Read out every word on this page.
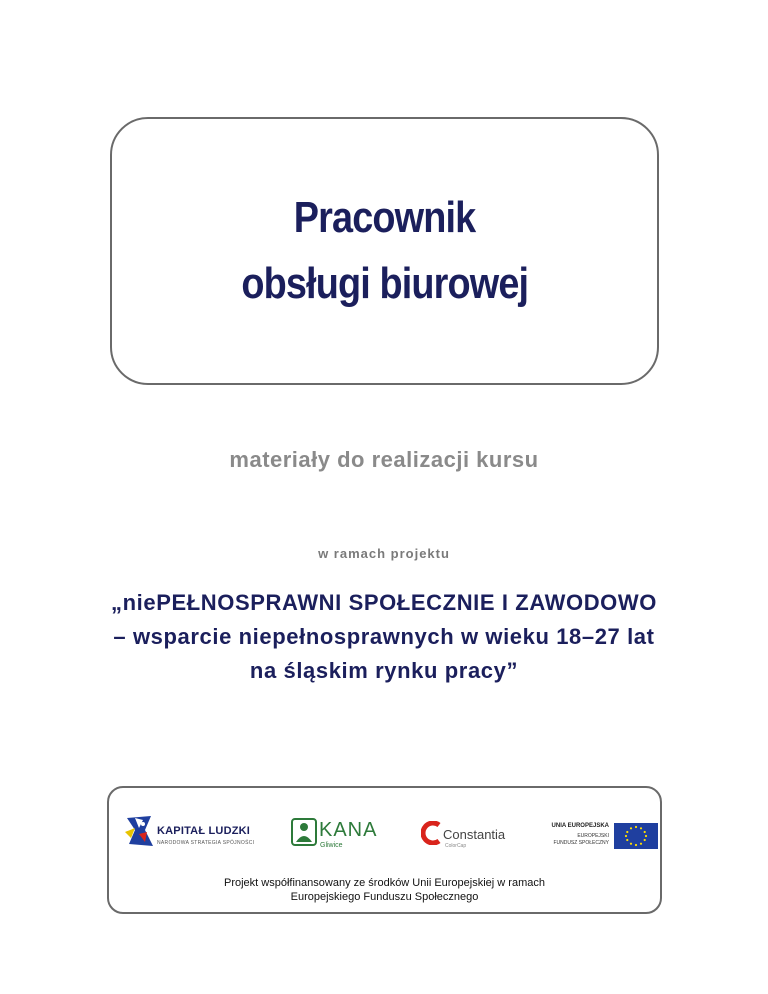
Pracownik
obsługi biurowej
materiały do realizacji kursu
w ramach projektu
„niePEŁNOSPRAWNI SPOŁECZNIE I ZAWODOWO
– wsparcie niepełnosprawnych w wieku 18–27 lat
na śląskim rynku pracy”
KAPITAŁ LUDZKI
NARODOWA STRATEGIA SPÓJNOŚCI
KANA
Gliwice
Constantia
ColorCap
UNIA EUROPEJSKA
EUROPEJSKI
FUNDUSZ SPOŁECZNY
Projekt współfinansowany ze środków Unii Europejskiej w ramach
Europejskiego Funduszu Społecznego
